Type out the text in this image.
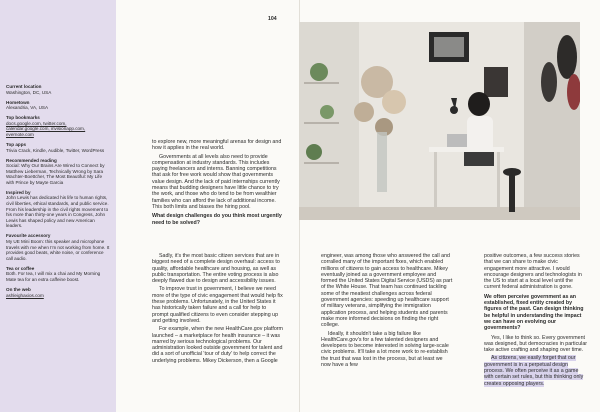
Current location
Washington, DC, USA
Hometown
Alexandria, VA, USA
Top bookmarks
docs.google.com, twitter.com, calendar.google.com, invisionapp.com, evernote.com
Top apps
Trivia Crack, Kindle, Audible, Twitter, WordPress
Recommended reading
Social: Why Our Brains Are Wired to Connect by Matthew Lieberman, Technically Wrong by Sara Wachter-Boettcher, The Most Beautiful: My Life with Prince by Mayte Garcia
Inspired by
John Lewis has dedicated his life to human rights, civil liberties, ethical standards, and public service. From his leadership in the civil rights movement to his more than thirty-one years in Congress, John Lewis has shaped policy and new American leaders.
Favourite accessory
My UE Mini Boom: this speaker and microphone travels with me when I'm not working from home. It provides good beats, white noise, or conference call audio.
Tea or coffee
Both. For tea, I will mix a chai and My Morning Mate tea for an extra caffeine boost.
On the web
ashleighaxios.com
104

to explore new, more meaningful arenas for design and how it applies in the real world.

Governments at all levels also need to provide compensation at industry standards. This includes paying freelancers and interns. Banning competitions that ask for free work would show that governments value design. And the lack of paid internships currently means that budding designers have little chance to try the work, and those who do tend to be from wealthier families who can afford the lack of additional income. This both limits and biases the hiring pool.

What design challenges do you think most urgently need to be solved?

Sadly, it's the most basic citizen services that are in biggest need of a complete design overhaul: access to quality, affordable healthcare and housing, as well as public transportation. The entire voting process is also deeply flawed due to design and accessibility issues.

To improve trust in government, I believe we need more of the type of civic engagement that would help fix these problems. Unfortunately, in the United States it has historically taken failure and a call for help to prompt qualified citizens to even consider stepping up and getting involved.

For example, when the new HealthCare.gov platform launched – a marketplace for health insurance – it was marred by serious technological problems. Our administration looked outside government for talent and did a sort of unofficial 'tour of duty' to help correct the underlying problems. Mikey Dickerson, then a Google

engineer, was among those who answered the call and corralled many of the important fixes, which enabled millions of citizens to gain access to healthcare. Mikey eventually joined as a government employee and formed the United States Digital Service (USDS) as part of the White House. That team has continued tackling some of the meatiest challenges across federal government agencies: speeding up healthcare support of military veterans, simplifying the immigration application process, and helping students and parents make more informed decisions on finding the right college.

Ideally, it shouldn't take a big failure like HealthCare.gov's for a few talented designers and developers to become interested in solving large-scale civic problems. It'll take a lot more work to re-establish the trust that was lost in the process, but at least we now have a few

positive outcomes, a few success stories that we can share to make civic engagement more attractive. I would encourage designers and technologists in the US to start at a local level until the current federal administration is gone.

We often perceive government as an established, fixed entity created by figures of the past. Can design thinking be helpful in understanding the impact we can have on evolving our governments?

Yes, I like to think so. Every government was designed, but democracies in particular take active crafting and shaping over time.

As citizens, we easily forget that our government is in a perpetual design process. We often perceive it as a game with certain set rules, but this thinking only creates opposing players.
